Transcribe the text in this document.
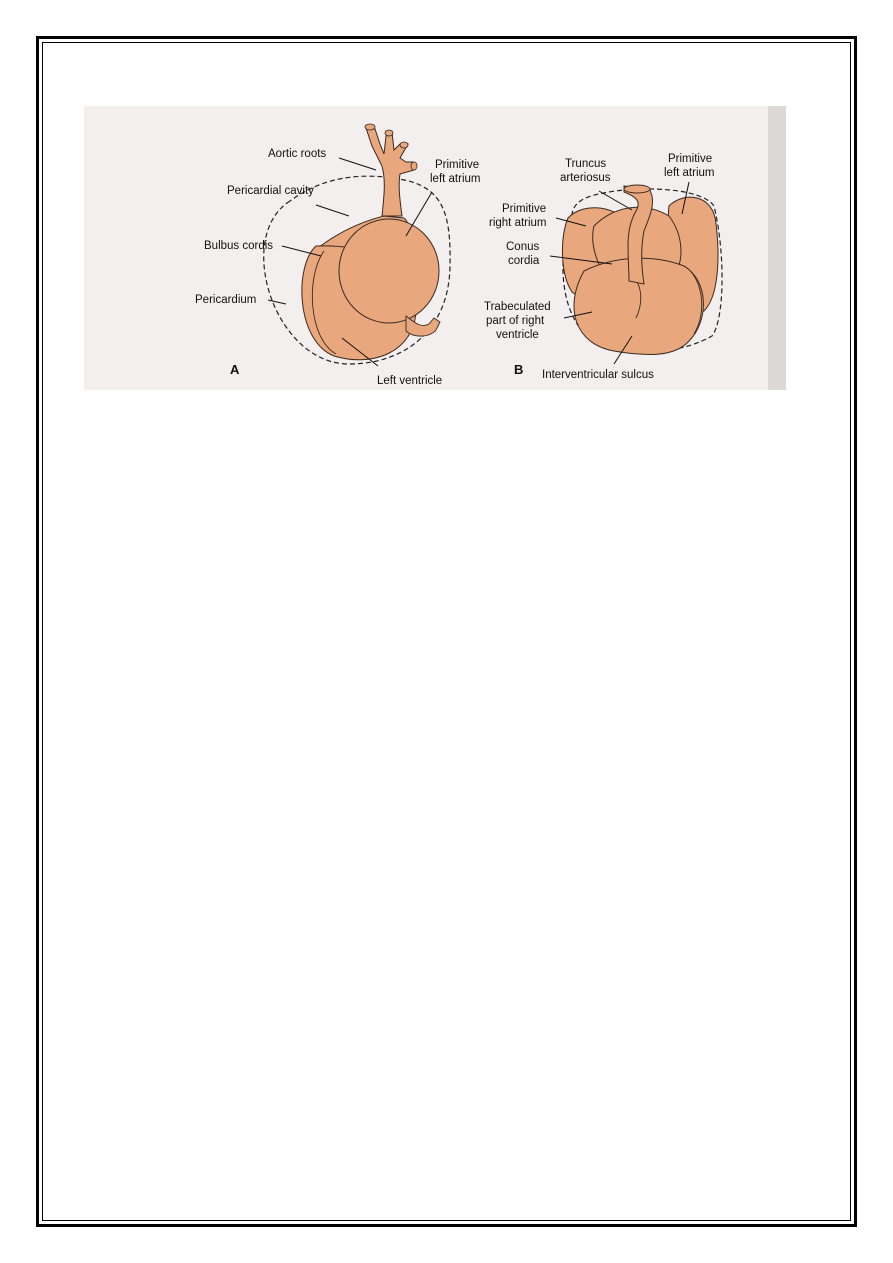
Aortic roots
Pericardial cavity
Primitive
left atrium
Bulbus cordis
Pericardium
Left ventricle
A
Truncus
arteriosus
Primitive
left atrium
Primitive
right atrium
Conus
cordia
Trabeculated
part of right
ventricle
Interventricular sulcus
B
